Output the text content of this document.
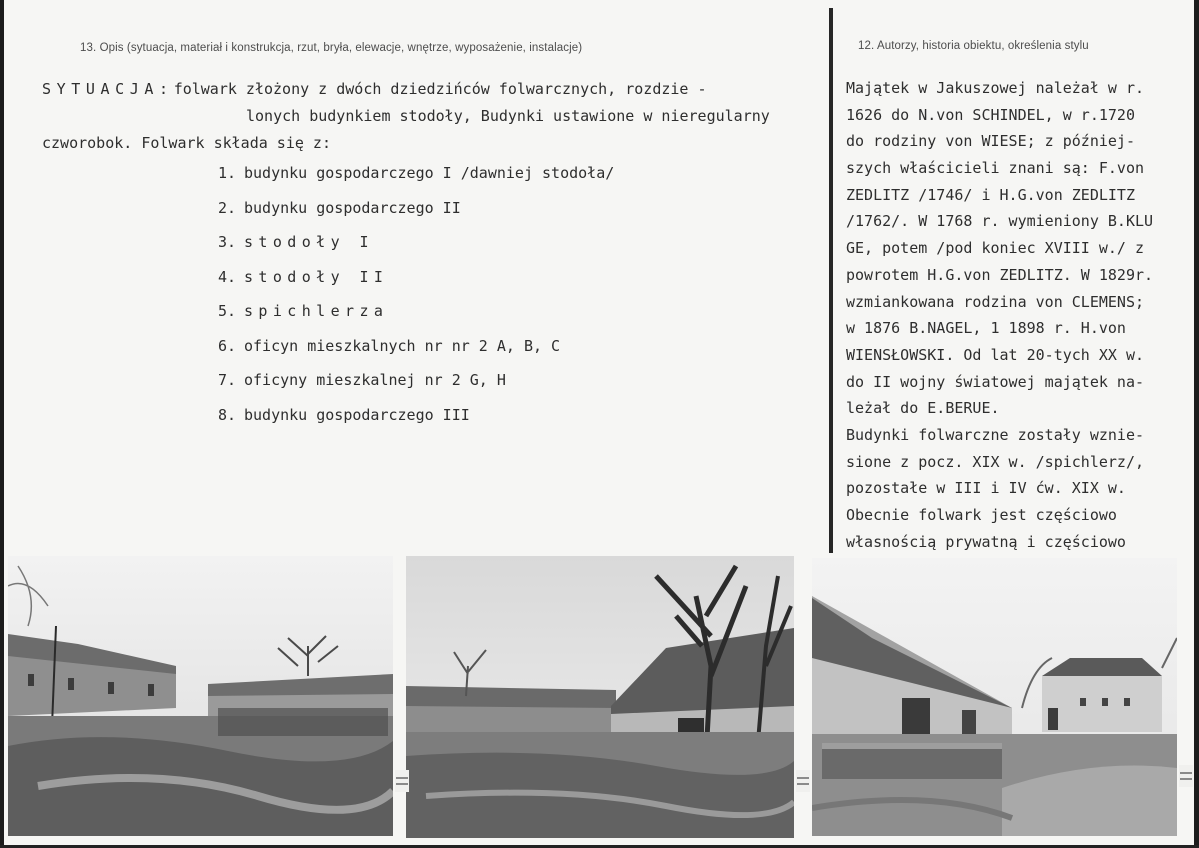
13. Opis (sytuacja, materiał i konstrukcja, rzut, bryła, elewacje, wnętrze, wyposażenie, instalacje)	12. Autorzy, historia obiektu, określenia stylu
SYTUACJA:folwark złożony z dwóch dziedzińców folwarcznych, rozdzie -
lonych budynkiem stodoły, Budynki ustawione w nieregularny
czworobok. Folwark składa się z:
1. budynku gospodarczego I /dawniej stodoła/
2. budynku gospodarczego II
3. stodoły I
4. stodoły II
5. spichlerza
6. oficyn mieszkalnych nr nr 2 A, B, C
7. oficyny mieszkalnej nr 2 G, H
8. budynku gospodarczego III
Majątek w Jakuszowej należał w r.
1626 do N.von SCHINDEL, w r.1720
do rodziny von WIESE; z później-
szych właścicieli znani są: F.von
ZEDLITZ /1746/ i H.G.von ZEDLITZ
/1762/. W 1768 r. wymieniony B.KLU
GE, potem /pod koniec XVIII w./ z
powrotem H.G.von ZEDLITZ. W 1829r.
wzmiankowana rodzina von CLEMENS;
w 1876 B.NAGEL, 1 1898 r. H.von
WIENSŁOWSKI. Od lat 20-tych XX w.
do II wojny światowej majątek na-
leżał do E.BERUE.
Budynki folwarczne zostały wznie-
sione z pocz. XIX w. /spichlerz/,
pozostałe w III i IV ćw. XIX w.
Obecnie folwark jest częściowo
własnością prywatną i częściowo
